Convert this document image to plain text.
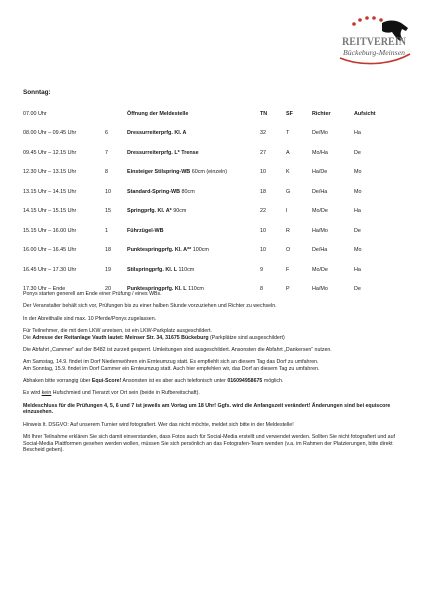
REITVEREIN
Bückeburg-Meinsen
Sonntag:
07.00 Uhr		Öffnung der Meldestelle	TN	SF	Richter	Aufsicht
08.00 Uhr – 09.45 Uhr	6	Dressurreiterprfg. Kl. A	32	T	De/Mo	Ha
09.45 Uhr – 12.15 Uhr	7	Dressurreiterprfg. L* Trense	27	A	Mo/Ha	De
12.30 Uhr – 13.15 Uhr	8	Einsteiger Stilspring-WB 60cm (einzeln)	10	K	Ha/De	Mo
13.15 Uhr – 14.15 Uhr	10	Standard-Spring-WB 80cm	18	G	De/Ha	Mo
14.15 Uhr – 15.15 Uhr	15	Springprfg. Kl. A* 90cm	22	I	Mo/De	Ha
15.15 Uhr – 16.00 Uhr	1	Führzügel-WB	10	R	Ha/Mo	De
16.00 Uhr – 16.45 Uhr	18	Punktespringprfg. Kl. A** 100cm	10	O	De/Ha	Mo
16.45 Uhr – 17.30 Uhr	19	Stilspringprfg. Kl. L 110cm	9	F	Mo/De	Ha
17.30 Uhr – Ende	20	Punktespringprfg. Kl. L 110cm	8	P	Ha/Mo	De

Ponys starten generell am Ende einer Prüfung / eines WBs.

Der Veranstalter behält sich vor, Prüfungen bis zu einer halben Stunde vorzuziehen und Richter zu wechseln.

In der Abreithalle sind max. 10 Pferde/Ponys zugelassen.

Für Teilnehmer, die mit dem LKW anreisen, ist ein LKW-Parkplatz ausgeschildert.
Die Adresse der Reitanlage Vauth lautet: Meinser Str. 34, 31675 Bückeburg (Parkplätze sind ausgeschildert)

Die Abfahrt „Cammer“ auf der B482 ist zurzeit gesperrt. Umleitungen sind ausgeschildert. Ansonsten die Abfahrt „Dankersen“ nutzen.

Am Samstag, 14.9. findet im Dorf Niedernwöhren ein Ernteumzug statt. Es empfiehlt sich an diesem Tag das Dorf zu umfahren.
Am Sonntag, 15.9. findet im Dorf Cammer ein Ernteumzug statt. Auch hier empfehlen wir, das Dorf an diesem Tag zu umfahren.

Abhaken bitte vorrangig über Equi-Score! Ansonsten ist es aber auch telefonisch unter 016094958675 möglich.

Es wird kein Hufschmied und Tierarzt vor Ort sein (beide in Rufbereitschaft).

Meldeschluss für die Prüfungen 4, 5, 6 und 7 ist jeweils am Vortag um 18 Uhr! Ggfs. wird die Anfangszeit verändert! Änderungen sind bei equiscore einzusehen.

Hinweis lt. DSGVO: Auf unserem Turnier wird fotografiert. Wer das nicht möchte, meldet sich bitte in der Meldestelle!

Mit Ihrer Teilnahme erklären Sie sich damit einverstanden, dass Fotos auch für Social-Media erstellt und verwendet werden. Sollten Sie nicht fotografiert und auf Social-Media Plattformen gesehen werden wollen, müssen Sie sich persönlich an das Fotografen-Team wenden (v.a. im Rahmen der Platzierungen, bitte direkt Bescheid geben).
